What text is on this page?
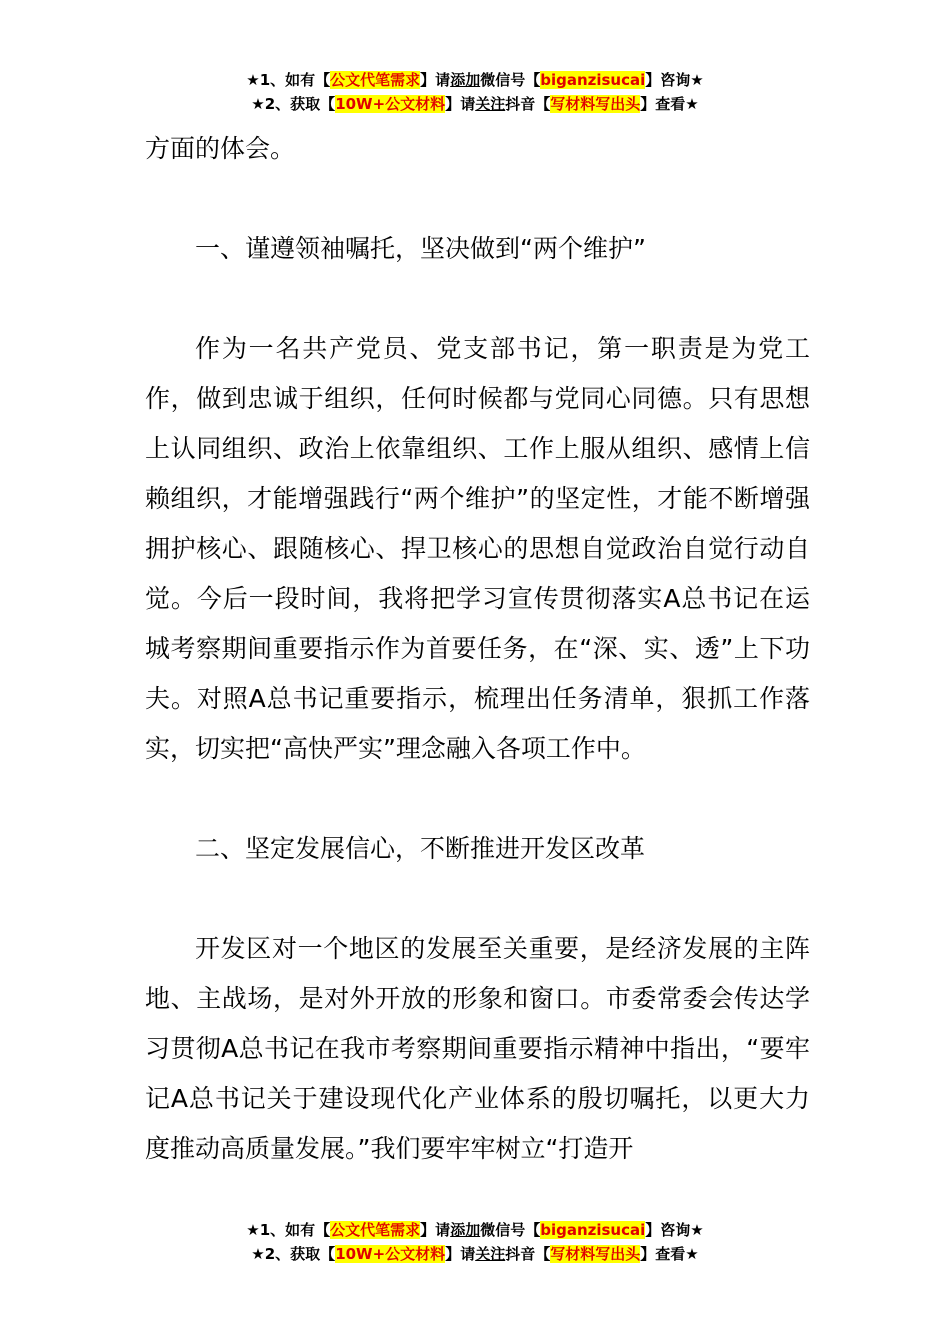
★1、如有【公文代笔需求】请添加微信号【biganzisucai】咨询★
★2、获取【10W+公文材料】请关注抖音【写材料写出头】查看★

方面的体会。

一、谨遵领袖嘱托，坚决做到“两个维护”

作为一名共产党员、党支部书记，第一职责是为党工作，做到忠诚于组织，任何时候都与党同心同德。只有思想上认同组织、政治上依靠组织、工作上服从组织、感情上信赖组织，才能增强践行“两个维护”的坚定性，才能不断增强拥护核心、跟随核心、捍卫核心的思想自觉政治自觉行动自觉。今后一段时间，我将把学习宣传贯彻落实A总书记在运城考察期间重要指示作为首要任务，在“深、实、透”上下功夫。对照A总书记重要指示，梳理出任务清单，狠抓工作落实，切实把“高快严实”理念融入各项工作中。

二、坚定发展信心，不断推进开发区改革

开发区对一个地区的发展至关重要，是经济发展的主阵地、主战场，是对外开放的形象和窗口。市委常委会传达学习贯彻A总书记在我市考察期间重要指示精神中指出，“要牢记A总书记关于建设现代化产业体系的殷切嘱托，以更大力度推动高质量发展。”我们要牢牢树立“打造开

★1、如有【公文代笔需求】请添加微信号【biganzisucai】咨询★
★2、获取【10W+公文材料】请关注抖音【写材料写出头】查看★
